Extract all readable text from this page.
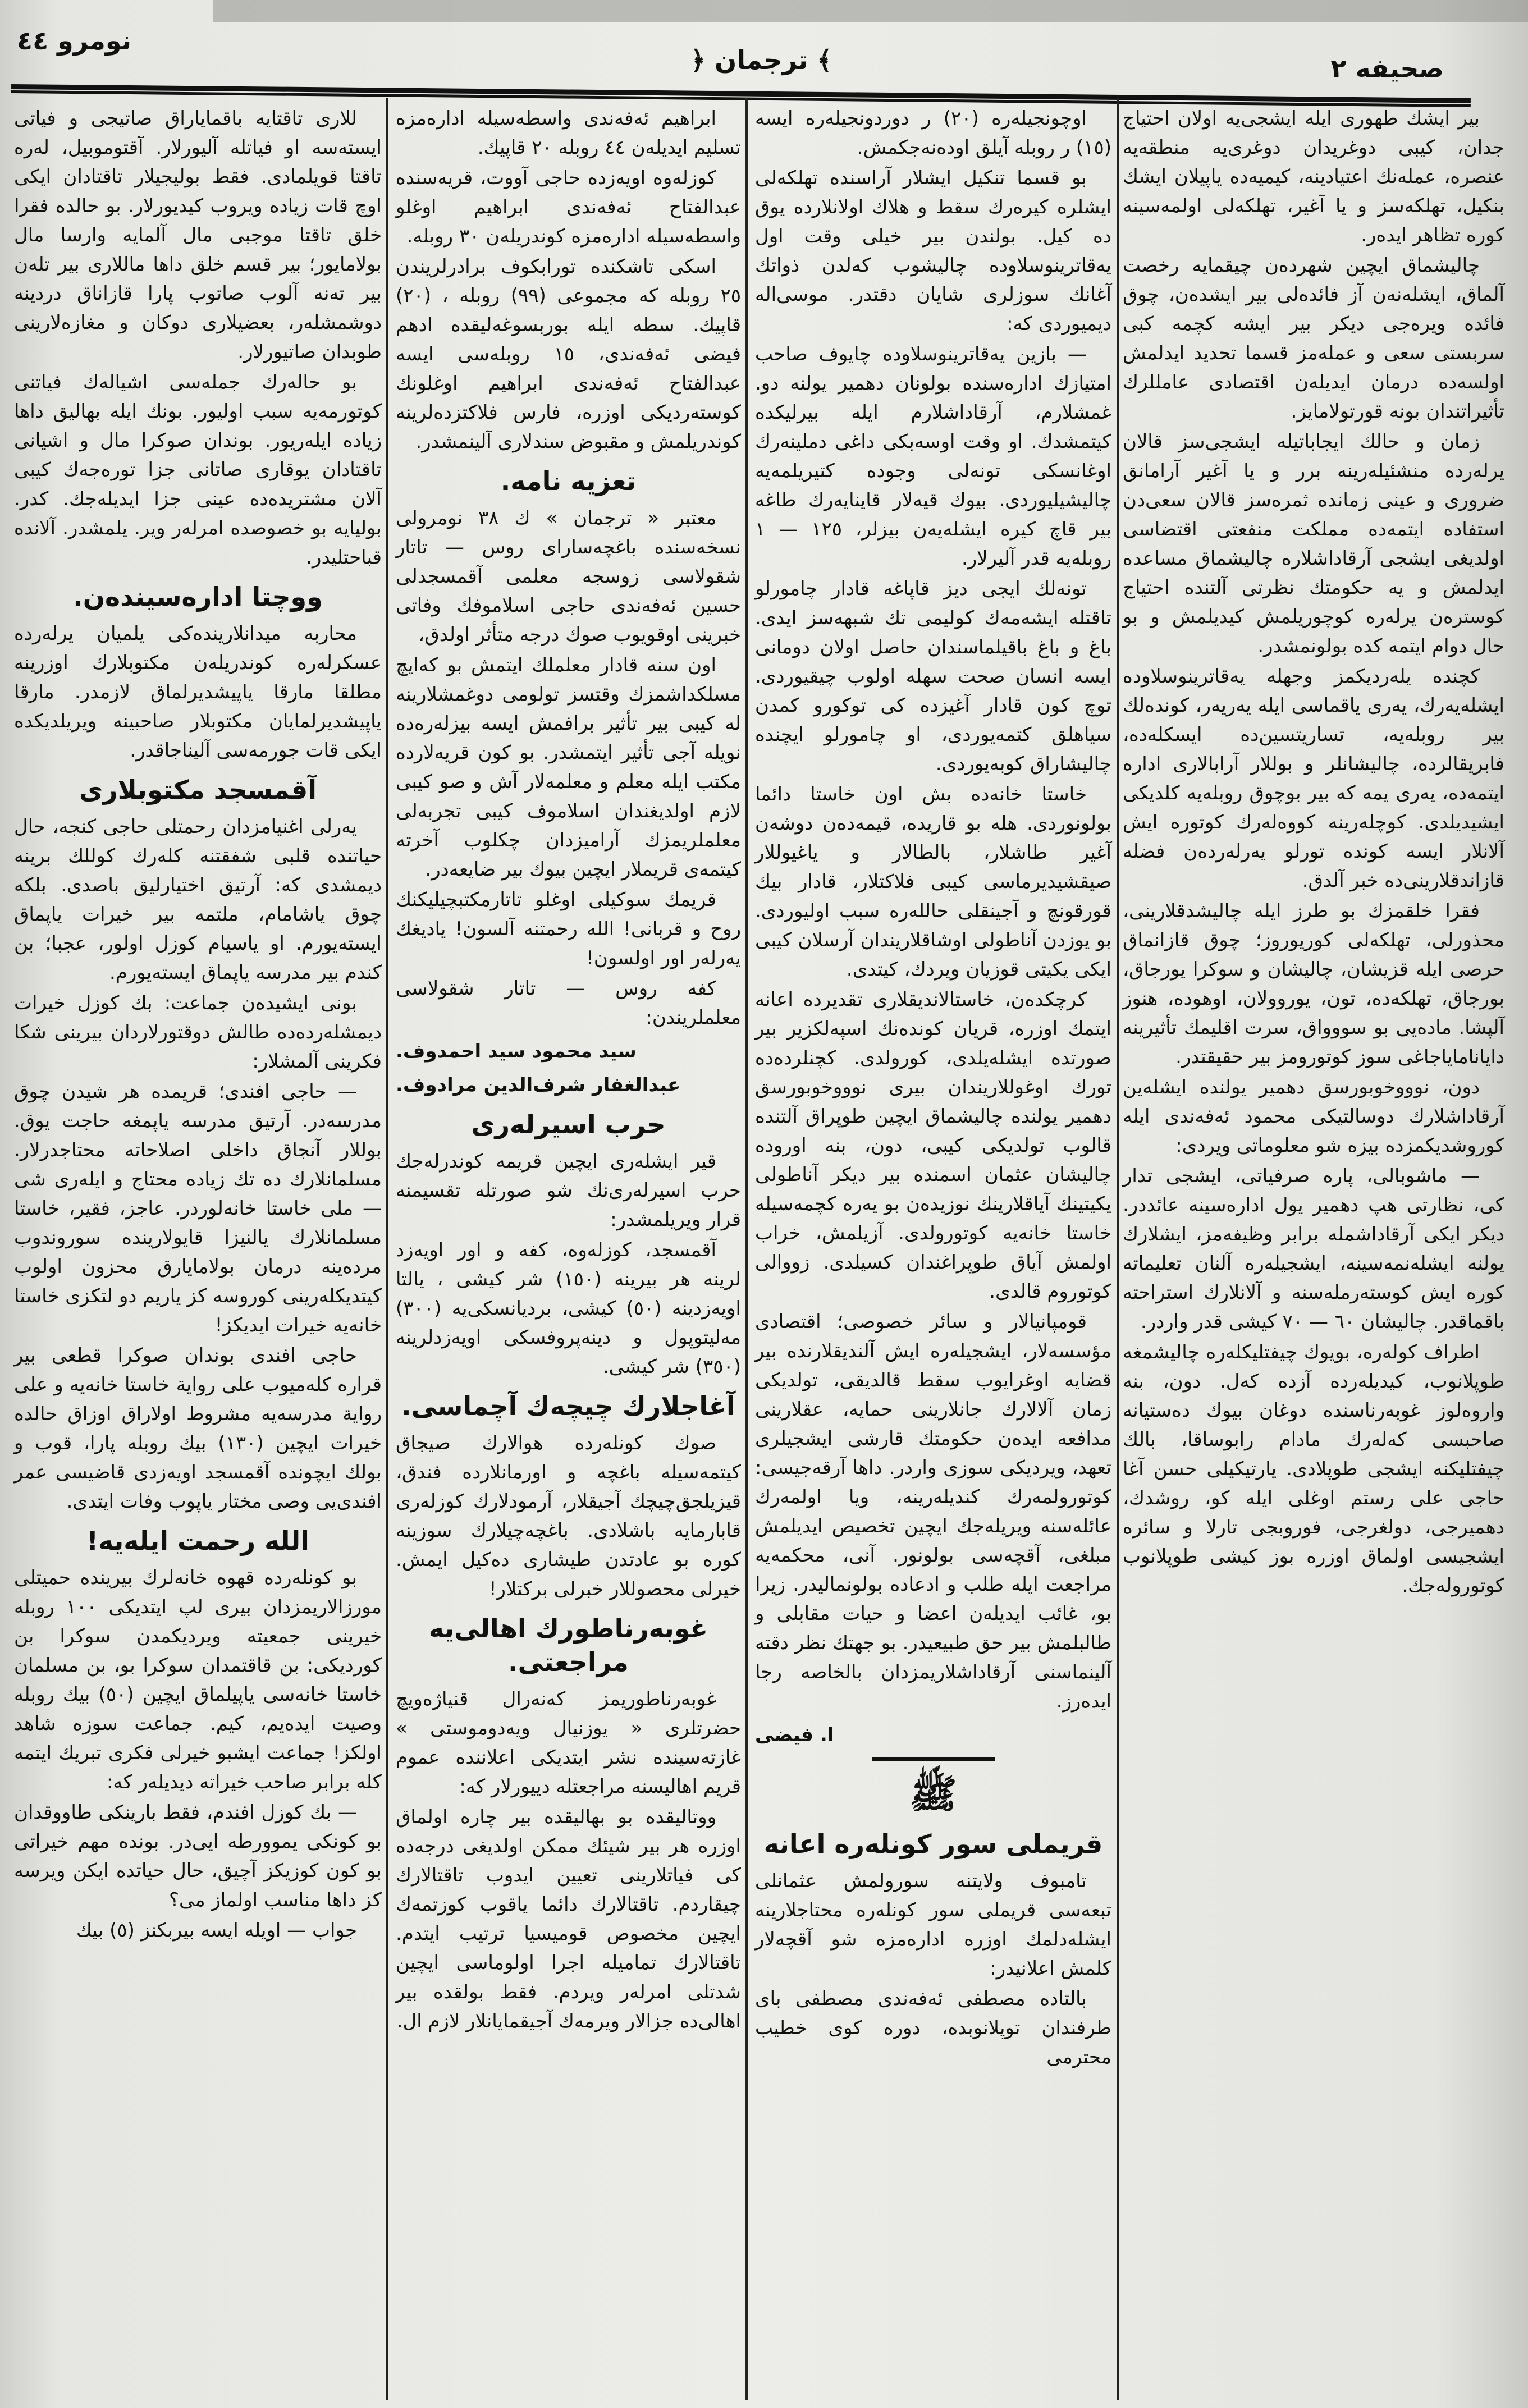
نومرو ٤٤
﴾ ترجمان ﴿	صحیفه ٢

بیر ایشك طهوری ایله ایشجی‌یه اولان احتیاج جدان، كیبی دوغریدان دوغری‌یه منطقه‌یه عنصره، عملەنك اعتیادینه، كیمیه‌ده یاپیلان ایشك بنكیل، تهلكه‌سز و یا آغیر، تهلكه‌لی اولمەسینه كوره تظاهر ایدەر.

چالیشماق ایچین شهرده‌ن چیقمایه رخصت آلماق، ایشلەنه‌ن آز فائده‌لی بیر ایشده‌ن، چوق فائده ویره‌جی دیكر بیر ایشه كچمه كبی سربستی سعی و عملەمز قسما تحدید ایدلمش اولسه‌ده درمان ایدیله‌ن اقتصادی عامللرك تأثیراتندان بونه قورتولامایز.

زمان و حالك ایجاباتیله ایشجی‌سز قالان یرله‌رده منشئیله‌رینه برر و یا آغیر آرامانق ضروری و عینی زمانده ثمره‌سز قالان سعی‌دن استفاده ایتمه‌ده مملكت منفعتی اقتضاسی اولدیغی ایشجی آرقاداشلاره چالیشماق مساعده ایدلمش و یه حكومتك نظرتی آلتنده احتیاج كوستره‌ن یرله‌ره كوچوریلمش كیدیلمش و بو حال دوام ایتمه كده بولونمشدر.

كچنده یله‌ردیكمز وجهله یه‌قاترینوسلاوده ایشله‌یه‌رك، یه‌ری یاقماسی ایله یه‌ریه‌ر، كوندەلك بیر روبله‌یه، تساریتسین‌ده ایسكله‌ده، فابریقالرده، چالیشانلر و بوللار آرابالاری اداره ایتمه‌ده، یه‌ری یمه كه بیر بوچوق روبله‌یه كلدیكی ایشیدیلدی. كوچله‌رینه كووه‌له‌رك كوتوره ایش آلانلار ایسه كونده تورلو یه‌رله‌رده‌ن فضله قازاندقلارینی‌ده خبر آلدق.

فقرا خلقمزك بو طرز ایله چالیشدقلارینی، محذورلی، تهلكه‌لی كوریوروز؛ چوق قازانماق حرصی ایله قزیشان، چالیشان و سوكرا یورجاق، بورجاق، تهلكه‌ده، تون، یوروولان، اوهوده، هنوز آلپشا. ماده‌یی بو سووواق، سرت اقلیمك تأثیرینه دایانامایاجاغی سوز كوتورومز بیر حقیقتدر.

دون، نوووخوبورسق دهمیر یولنده ایشله‌ین آرقاداشلارك دوسالتیكی محمود ئه‌فه‌ندی ایله كوروشدیكمزده بیزه شو معلوماتی ویردی:

— ماشوبالی، پاره صرفیاتی، ایشجی تدار كی، نظارتی هپ دهمیر یول اداره‌سینه عائددر. دیكر ایكی آرقاداشمله برابر وظیفه‌مز، ایشلارك یولنه ایشله‌نمەسینه، ایشجیله‌ره آلنان تعلیماته كوره ایش كوستەرملەسنه و آلانلارك استراحته باقماقدر. چالیشان ٦٠ — ٧٠ كیشی قدر واردر.

اطراف كوله‌ره، بویوك چیفتلیكله‌ره چالیشمغه طوپلانوب، كیدیله‌رده آزده كه‌ل. دون، بنه واروه‌لوز غوبه‌رناسنده دوغان بیوك ده‌ستیانه صاحبسی كه‌له‌رك مادام رابوساقا، بالك چیفتلیكنه ایشجی طوپلادی. یارتیكیلی حسن آغا حاجی علی رستم اوغلی ایله كو، روشدك، دهمیرجی، دولغرجی، فوروبجی تارلا و سائره ایشجیسی اولماق اوزره بوز كیشی طوپلانوب كوتوروله‌جك.

اوچونجیله‌ره (٢٠) ر دوردونجیله‌ره ایسه (١٥) ر روبله آیلق اوده‌نه‌جكمش.

بو قسما تنكیل ایشلار آراسنده تهلكه‌لی ایشلره كیره‌رك سقط و هلاك اولانلارده یوق ده كیل. بولندن بیر خیلی وقت اول یه‌قاترینوسلاوده چالیشوب كه‌لدن ذواتك آغانك سوزلری شایان دقتدر. موسی‌اله دیمیوردی كه:

— بازین یه‌قاترینوسلاوده چایوف صاحب امتیازك اداره‌سنده بولونان دهمیر یولنه دو. غمشلارم، آرقاداشلارم ایله بیرلیكده كیتمشدك. او وقت اوسه‌بكی داغی دملینه‌رك اوغانسكی تونەلی وجوده كتیریلمه‌یه چالیشیلیوردی. بیوك قیه‌لار قاینایه‌رك طاغه بیر قاچ كیره ایشله‌یه‌ن بیزلر، ١٢٥ — ١ روبله‌یه قدر آلیرلار.

تونه‌لك ایجی دیز قاپاغه قادار چامورلو تاقتله ایشه‌مه‌ك كولیمی تك شبهه‌سز ایدی. باغ و باغ باقیلماسندان حاصل اولان دومانی ایسه انسان صحت سهله اولوب چیقیوردی. توچ كون قادار آغیزده كی توكورو كمدن سیاهلق كتمه‌یوردی، او چامورلو ایچنده چالیشاراق كوبه‌یوردی.

خاستا خانه‌ده بش اون خاستا دائما بولونوردی. هله بو قاریده، قیمه‌ده‌ن دوشه‌ن آغیر طاشلار، بالطالار و یاغیوللار صیقشیدیرماسی كیبی فلاكتلار، قادار بیك قورقونچ و آجینقلی حالله‌ره سبب اولیوردی. بو یوزدن آناطولی اوشاقلاریندان آرسلان كیبی ایكی یكیتی قوزیان ویردك، كیتدی.

كرچكده‌ن، خاستالاندیقلاری تقدیرده اعانه ایتمك اوزره، قریان كونده‌نك اسپه‌لكزیر بیر صورتده ایشلەیلدی، كورولدی. كچنلرده‌ده تورك اوغوللاریندان بیری نوووخوبورسق دهمیر یولنده چالیشماق ایچین طوپراق آلتنده قالوب تولدیكی كیبی، دون، بنه اوروده چالیشان عثمان اسمنده بیر دیكر آناطولی یكیتینك آیاقلارینك نوزیده‌ن بو یه‌ره كچمه‌سیله خاستا خانه‌یه كوتورولدی. آزیلمش، خراب اولمش آیاق طوپراغندان كسیلدی. زووالی كوتوروم قالدی.

قومپانیالار و سائر خصوصی؛ اقتصادی مؤسسه‌لار، ایشجیله‌ره ایش آلندیقلارنده بیر قضایه اوغرایوب سقط قالدیقی، تولدیكی زمان آلالارك جانلارینی حمایه، عقلارینی مدافعه ایدەن حكومتك قارشی ایشجیلری تعهد، ویردیكی سوزی واردر. داها آرقه‌جیسی: كوتورولمه‌رك كندیله‌رینه، ویا اولمه‌رك عائله‌سنه ویریله‌جك ایچین تخصیص ایدیلمش مبلغی، آقچه‌سی بولونور. آنی، محكمه‌یه مراجعت ایله طلب و ادعاده بولونمالیدر. زیرا بو، غائب ایدیلەن اعضا و حیات مقابلی و طالبلمش بیر حق طبیعیدر. بو جهتك نظر دقته آلینماسنی آرقاداشلاریمزدان بالخاصه رجا ایده‌رز.

ا. فیضی

ﷺ
قریملی سور كونله‌ره اعانه

تامبوف ولایتنه سورولمش عثمانلی تبعه‌سی قریملی سور كونله‌ره محتاجلارینه ایشلەدلمك اوزره اداره‌مزه شو آقچه‌لار كلمش اعلانیدر:

بالتاده مصطفی ئه‌فه‌ندی مصطفی بای طرفندان توپلانوبده، دوره كوی خطیب محترمی

ابراهیم ئه‌فه‌ندی واسطه‌سیله اداره‌مزه تسلیم ایدیلەن ٤٤ روبله ٢٠ قاپیك.

كوزله‌وه اویه‌زده حاجی آووت، قریه‌سنده عبدالفتاح ئه‌فه‌ندی ابراهیم اوغلو واسطه‌سیله اداره‌مزه كوندریلەن ٣٠ روبله.

اسكی تاشكنده تورابكوف برادرلریندن ٢٥ روبله كه مجموعی (٩٩) روبله ، (٢٠) قاپیك. سطه ایله بوربسوغه‌لیقده ادهم فیضی ئه‌فه‌ندی، ١٥ روبله‌سی ایسه عبدالفتاح ئه‌فه‌ندی ابراهیم اوغلونك كوستەردیكی اوزره، فارس فلاكتزده‌لرینه كوندریلمش و مقبوض سندلاری آلینمشدر.

تعزیه نامه.

معتبر « ترجمان » ك ٣٨ نومرولی نسخه‌سنده باغچه‌سارای روس — تاتار شقولاسی زوسجه معلمی آقمسجدلی حسین ئه‌فه‌ندی حاجی اسلاموفك وفاتی خبرینی اوقویوب صوك درجه متأثر اولدق،

اون سنه قادار معلملك ایتمش بو كه‌ایچ مسلكداشمزك وقتسز تولومی دوغمشلارینه له كیبی بیر تأثیر برافمش ایسه بیزله‌ره‌ده نویله آجی تأثیر ایتمشدر. بو كون قریه‌لارده مكتب ایله معلم و معلمه‌لار آش و صو كیبی لازم اولدیغندان اسلاموف كیبی تجربه‌لی معلملریمزك آرامیزدان چكلوب آخرته كیتمه‌ی قریملار ایچین بیوك بیر ضایعه‌در.

قریمك سوكیلی اوغلو تاتارمكتبچیلیكنك روح و قربانی! الله رحمتنه آلسون! یادیغك یه‌رلەر اور اولسون!

كفه روس — تاتار شقولاسی معلملریندن:

سید محمود سید احمدوف.

عبدالغفار شرف‌الدین مرادوف.

حرب اسیرله‌ری

قیر ایشله‌ری ایچین قریمه كوندرله‌جك حرب اسیرله‌ری‌نك شو صورتله تقسیمنه قرار ویریلمشدر:

آقمسجد، كوزله‌وه، كفه و اور اویه‌زد لرینه هر بیرینه (١٥٠) شر كیشی ، یالتا اویه‌زدینه (٥٠) كیشی، بردیانسكی‌یه (٣٠٠) مه‌لیتوپول و دینه‌پروفسكی اویه‌زدلرینه (٣٥٠) شر كیشی.

آغاجلارك چیچه‌ك آچماسی.

صوك كونله‌رده هوالارك صیجاق كیتمه‌سیله باغچه و اورمانلارده فندق، قیزیلجق‌چیچك آجیقلار، آرمودلارك كوزله‌ری قابارمایه باشلادی. باغچه‌چیلارك سوزینه كوره بو عادتدن طیشاری ده‌كیل ایمش. خیرلی محصوللار خبرلی بركتلار!

غوبه‌رناطورك اهالی‌یه مراجعتی.

غوبه‌رناطوریمز كه‌نه‌رال قنیاژه‌ویچ حضرتلری « یوزنیال ویه‌دوموستی » غازته‌سینده نشر ایتدیكی اعلاننده عموم قریم اهالیسنه مراجعتله دییورلار كه:

ووتالیقده بو بهالیقده بیر چاره اولماق اوزره هر بیر شیئك ممكن اولدیغی درجه‌ده كی فیاتلارینی تعیین ایدوب تاقتالارك چیقاردم. تاقتالارك دائما یاقوب كوزتمه‌ك ایچین مخصوص قومیسیا ترتیب ایتدم. تاقتالارك تمامیله اجرا اولوماسی ایچین شدتلی امرلەر ویردم. فقط بولقده بیر اهالی‌ده جزالار ویرمەك آجیقمایانلار لازم ال.

للاری تاقتایه باقمایاراق صاتیجی و فیاتی ایسته‌سه او فیاتله آلیورلار. آقتوموبیل، لەره تاقتا قویلمادی. فقط بولیجیلار تاقتادان ایكی اوچ قات زیاده ویروب كیدیورلار. بو حالده فقرا خلق تاقتا موجبی مال آلمایه وارسا مال بولامایور؛ بیر قسم خلق داها ماللاری بیر تله‌ن بیر ته‌نه آلوب صاتوب پارا قازاناق دردینه دوشمشلەر، بعضیلاری دوكان و مغازه‌لارینی طوبدان صاتیورلار.

بو حالەرك جمله‌سی اشیالەك فیاتنی كوتورمه‌یه سبب اولیور. بونك ایله بهالیق داها زیاده ایله‌ریور. بوندان صوكرا مال و اشیانی تاقتادان یوقاری صاتانی جزا توره‌جه‌ك كیبی آلان مشتریده‌ده عینی جزا ایدیله‌جك. كدر. بولیایه بو خصوصده امرلەر ویر. یلمشدر. آلانده قباحتلیدر.

ووچتا اداره‌سینده‌ن.

محاربه میدانلارینده‌كی یلمیان یرلەرده عسكرله‌ره كوندریله‌ن مكتوبلارك اوزرینه مطلقا مارقا یاپیشدیرلماق لازمدر. مارقا یاپیشدیرلمایان مكتوبلار صاحبینه ویریلدیكده ایكی قات جورمه‌سی آلیناجاقدر.

آقمسجد مكتوبلاری

یه‌رلی اغنیامزدان رحمتلی حاجی كنجه، حال حیاتنده قلبی شفقتنه كله‌رك كوللك برینه دیمشدی كه: آرتیق اختیارلیق باصدی. بلكه چوق یاشامام، ملتمه بیر خیرات یاپماق ایسته‌یورم. او یاسیام كوزل اولور، عجبا؛ بن كندم بیر مدرسه یاپماق ایسته‌یورم.

بونی ایشیده‌ن جماعت: بك كوزل خیرات دیمشله‌رده‌ده طالش دوقتورلاردان بیرینی شكا فكرینی آلمشلار:

— حاجی افندی؛ قریمده هر شیدن چوق مدرسه‌در. آرتیق مدرسه یاپمغه حاجت یوق. بوللار آنجاق داخلی اصلاحاته محتاجدرلار. مسلمانلارك ده تك زیاده محتاج و ایله‌ری شی — ملی خاستا خانه‌لوردر. عاجز، فقیر، خاستا مسلمانلارك یالنیزا قایولارینده سوروندوب مرده‌ینه درمان بولامایارق محزون اولوب كیتدیكله‌رینی كوروسه كز یاریم دو لتكزی خاستا خانه‌یه خیرات ایدیكز!

حاجی افندی بوندان صوكرا قطعی بیر قراره كله‌میوب علی روایة خاستا خانه‌یه و علی روایة مدرسه‌یه مشروط اولاراق اوزاق حالده خیرات ایچین (١٣٠) بیك روبله پارا، قوب و بولك ایچونده آقمسجد اویه‌زدی قاضیسی عمر افندی‌یی وصی مختار یاپوب وفات ایتدی.

الله رحمت ایله‌یه!

بو كونله‌رده قهوه خانه‌لرك بیرینده حمیتلی مورزالاریمزدان بیری لپ ایتدیكی ١٠٠ روبله خیرینی جمعیته ویردیكمدن سوكرا بن كوردیكی: بن قاقتمدان سوكرا بو، بن مسلمان خاستا خانه‌سی یاپیلماق ایچین (٥٠) بیك روبله وصیت ایده‌یم، كیم. جماعت سوزه شاهد اولكز! جماعت ایشبو خیرلی فكری تبریك ایتمه كله برابر صاحب خیراته دیدیلەر كه:

— بك كوزل افندم، فقط بارینكی طاووقدان بو كونكی یموورطه ایی‌در. بونده مهم خیراتی بو كون كوزیكز آچیق، حال حیاتده ایكن ویرسه كز داها مناسب اولماز می؟

جواب — اویله ایسه بیربكنز (٥) بیك
